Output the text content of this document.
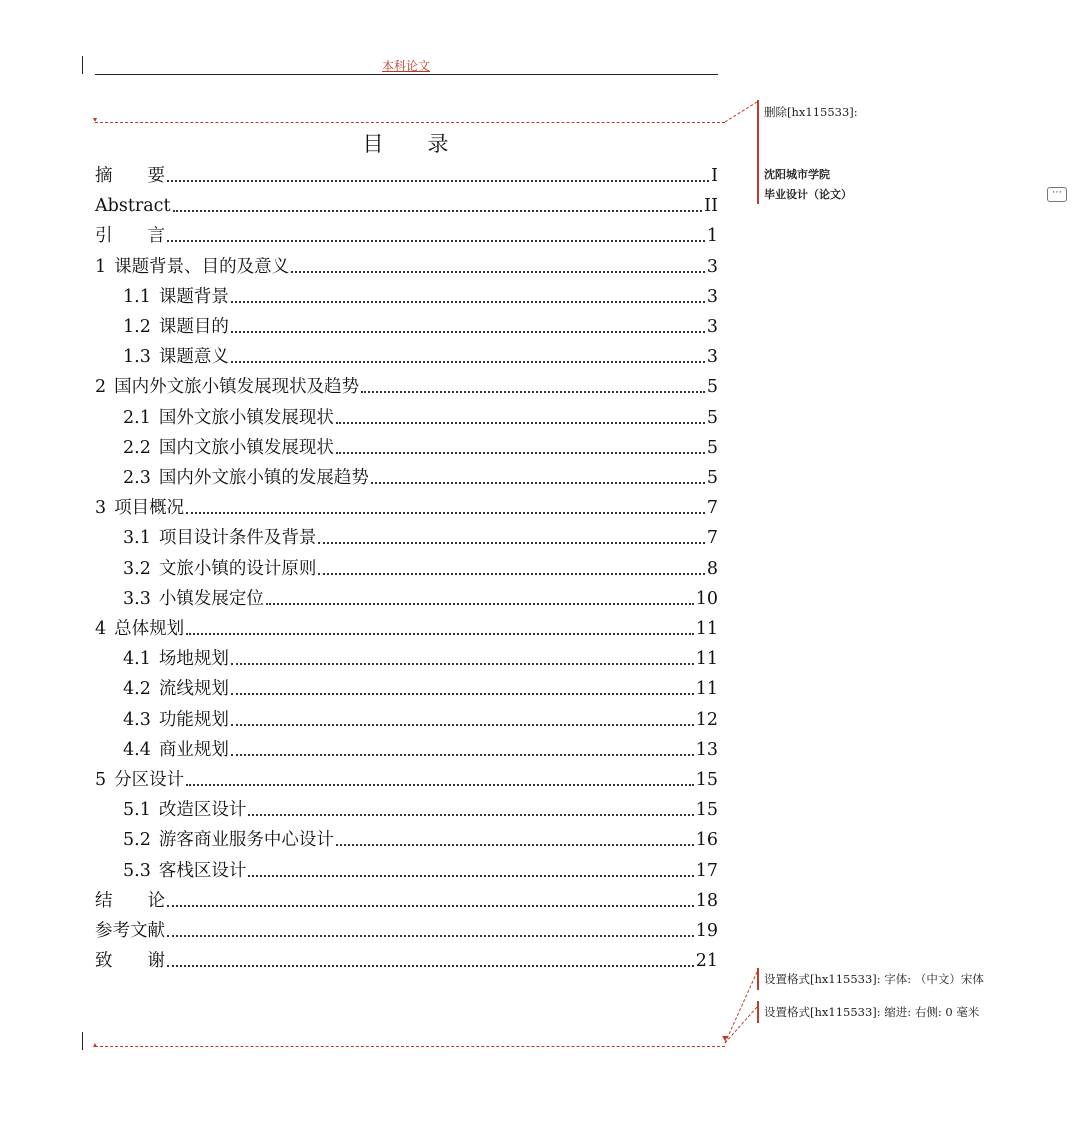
本科论文
目 录
摘　　要	I
Abstract	II
引　　言	1
1 课题背景、目的及意义	3
1.1 课题背景	3
1.2 课题目的	3
1.3 课题意义	3
2 国内外文旅小镇发展现状及趋势	5
2.1 国外文旅小镇发展现状	5
2.2 国内文旅小镇发展现状	5
2.3 国内外文旅小镇的发展趋势	5
3 项目概况	7
3.1 项目设计条件及背景	7
3.2 文旅小镇的设计原则	8
3.3 小镇发展定位	10
4 总体规划	11
4.1 场地规划	11
4.2 流线规划	11
4.3 功能规划	12
4.4 商业规划	13
5 分区设计	15
5.1 改造区设计	15
5.2 游客商业服务中心设计	16
5.3 客栈区设计	17
结　　论	18
参考文献	19
致　　谢	21
删除[hx115533]:
沈阳城市学院
毕业设计（论文）	⋯
设置格式[hx115533]: 字体: （中文）宋体
设置格式[hx115533]: 缩进: 右侧: 0 毫米
